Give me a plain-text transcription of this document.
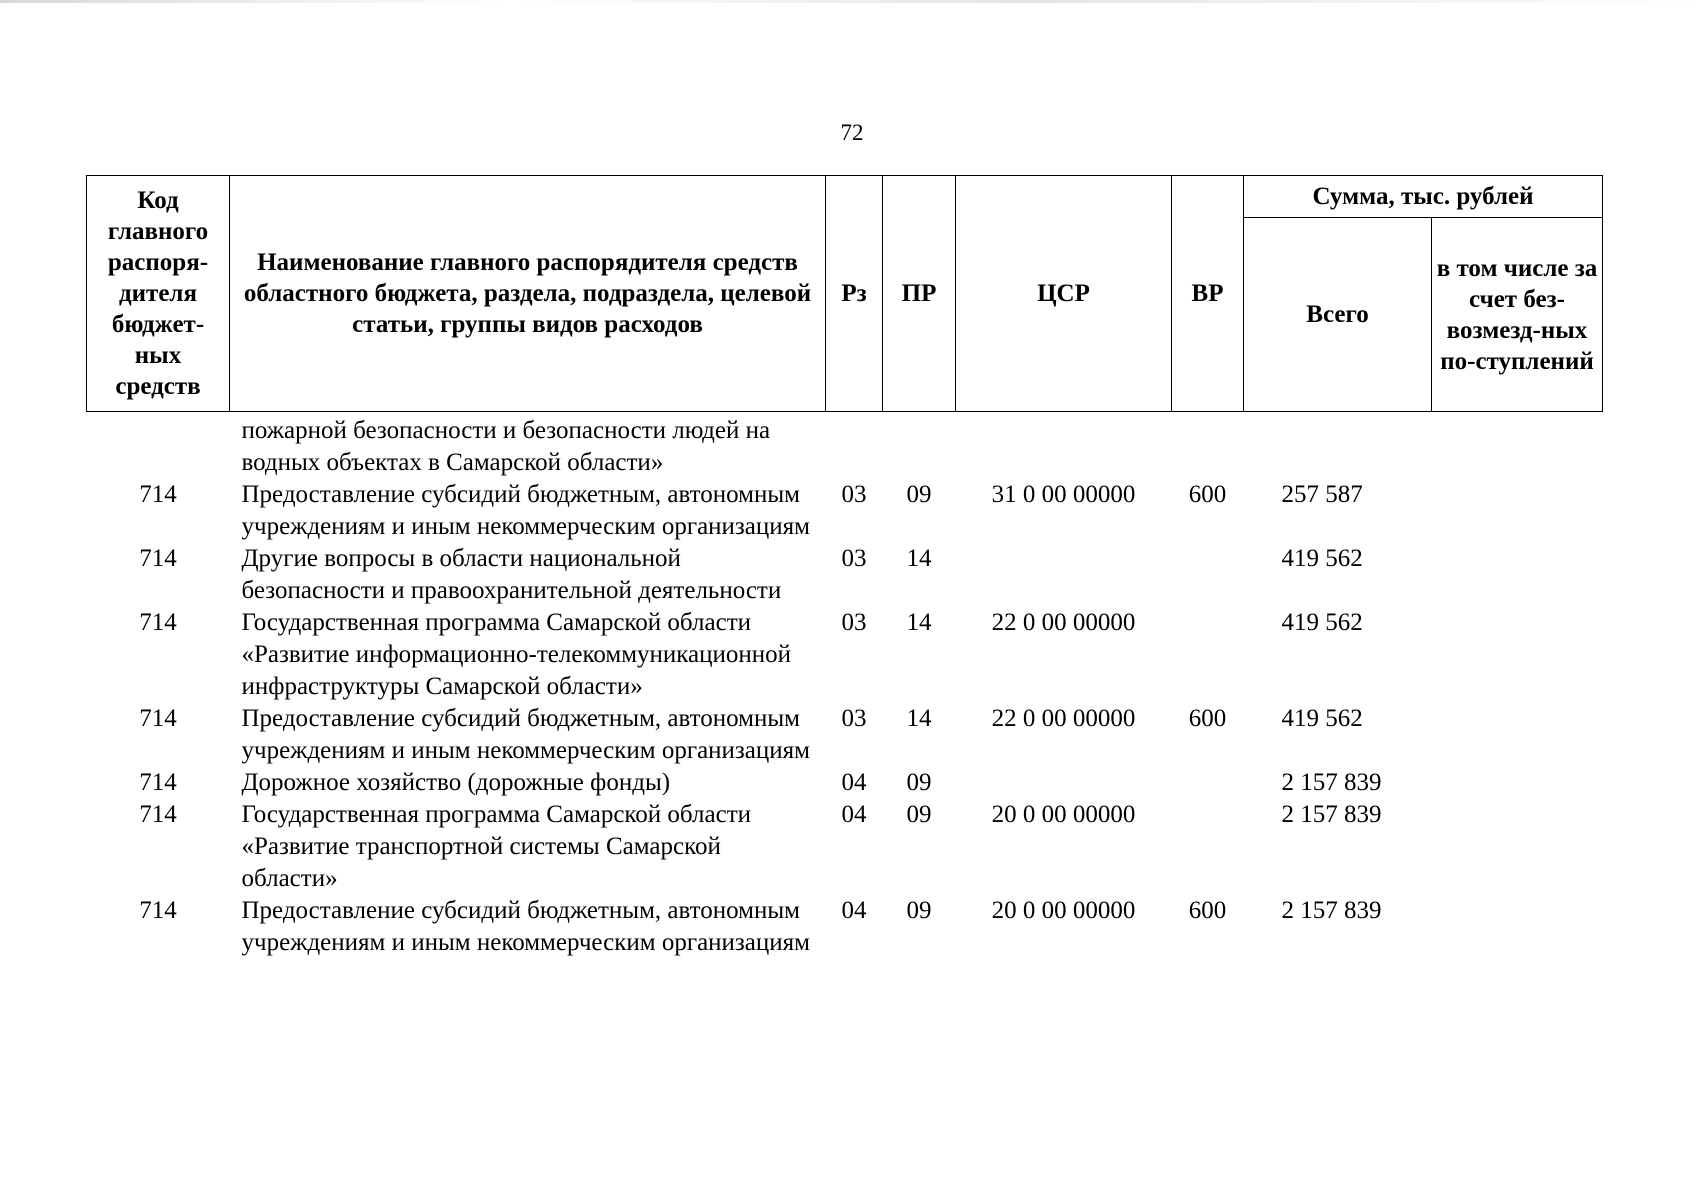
72
Код главного распоря-дителя бюджет-ных средств	Наименование главного распорядителя средств областного бюджета, раздела, подраздела, целевой статьи, группы видов расходов	Рз	ПР	ЦСР	ВР	Сумма, тыс. рублей	
						Всего	в том числе за счет без-возмезд-ных по-ступлений
	пожарной безопасности и безопасности людей на водных объектах в Самарской области»						
714	Предоставление субсидий бюджетным, автономным учреждениям и иным некоммерческим организациям	03	09	31 0 00 00000	600	257 587	
714	Другие вопросы в области национальной безопасности и правоохранительной деятельности	03	14			419 562	
714	Государственная программа Самарской области «Развитие информационно-телекоммуникационной инфраструктуры Самарской области»	03	14	22 0 00 00000		419 562	
714	Предоставление субсидий бюджетным, автономным учреждениям и иным некоммерческим организациям	03	14	22 0 00 00000	600	419 562	
714	Дорожное хозяйство (дорожные фонды)	04	09			2 157 839	
714	Государственная программа Самарской области «Развитие транспортной системы Самарской области»	04	09	20 0 00 00000		2 157 839	
714	Предоставление субсидий бюджетным, автономным учреждениям и иным некоммерческим организациям	04	09	20 0 00 00000	600	2 157 839	
